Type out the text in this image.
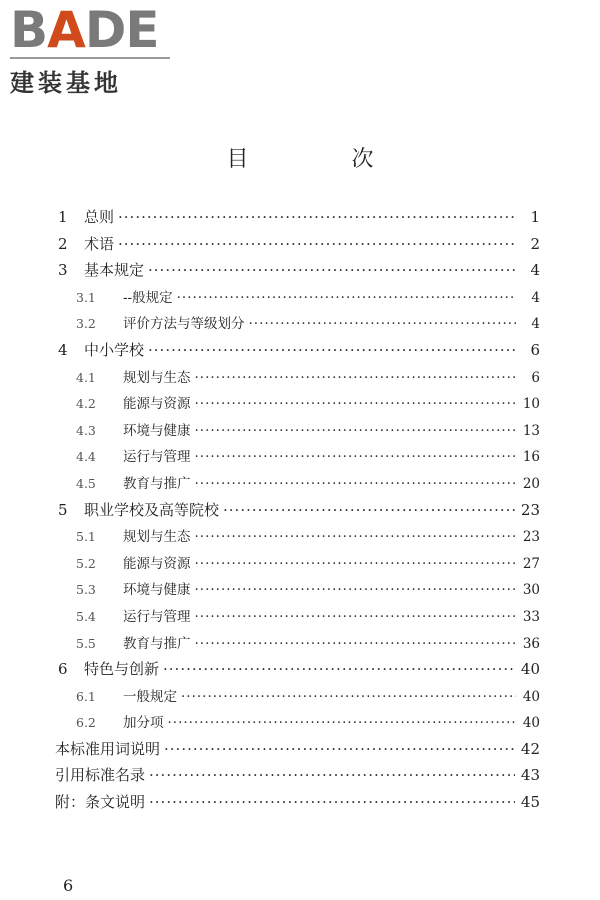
BADE
建装基地
目 次
1	总则 ·····	1
2	术语 ·····	2
3	基本规定 ·····	4
3.1	--般规定 ·····	4
3.2	评价方法与等级划分 ·····	4
4	中小学校 ·····	6
4.1	规划与生态 ·····	6
4.2	能源与资源 ·····	10
4.3	环境与健康 ·····	13
4.4	运行与管理 ·····	16
4.5	教育与推广 ·····	20
5	职业学校及高等院校 ·····	23
5.1	规划与生态 ·····	23
5.2	能源与资源 ·····	27
5.3	环境与健康 ·····	30
5.4	运行与管理 ·····	33
5.5	教育与推广 ·····	36
6	特色与创新 ·····	40
6.1	一般规定 ·····	40
6.2	加分项 ·····	40
本标准用词说明 ·····	42
引用标准名录 ·····	43
附：条文说明 ·····	45
6
